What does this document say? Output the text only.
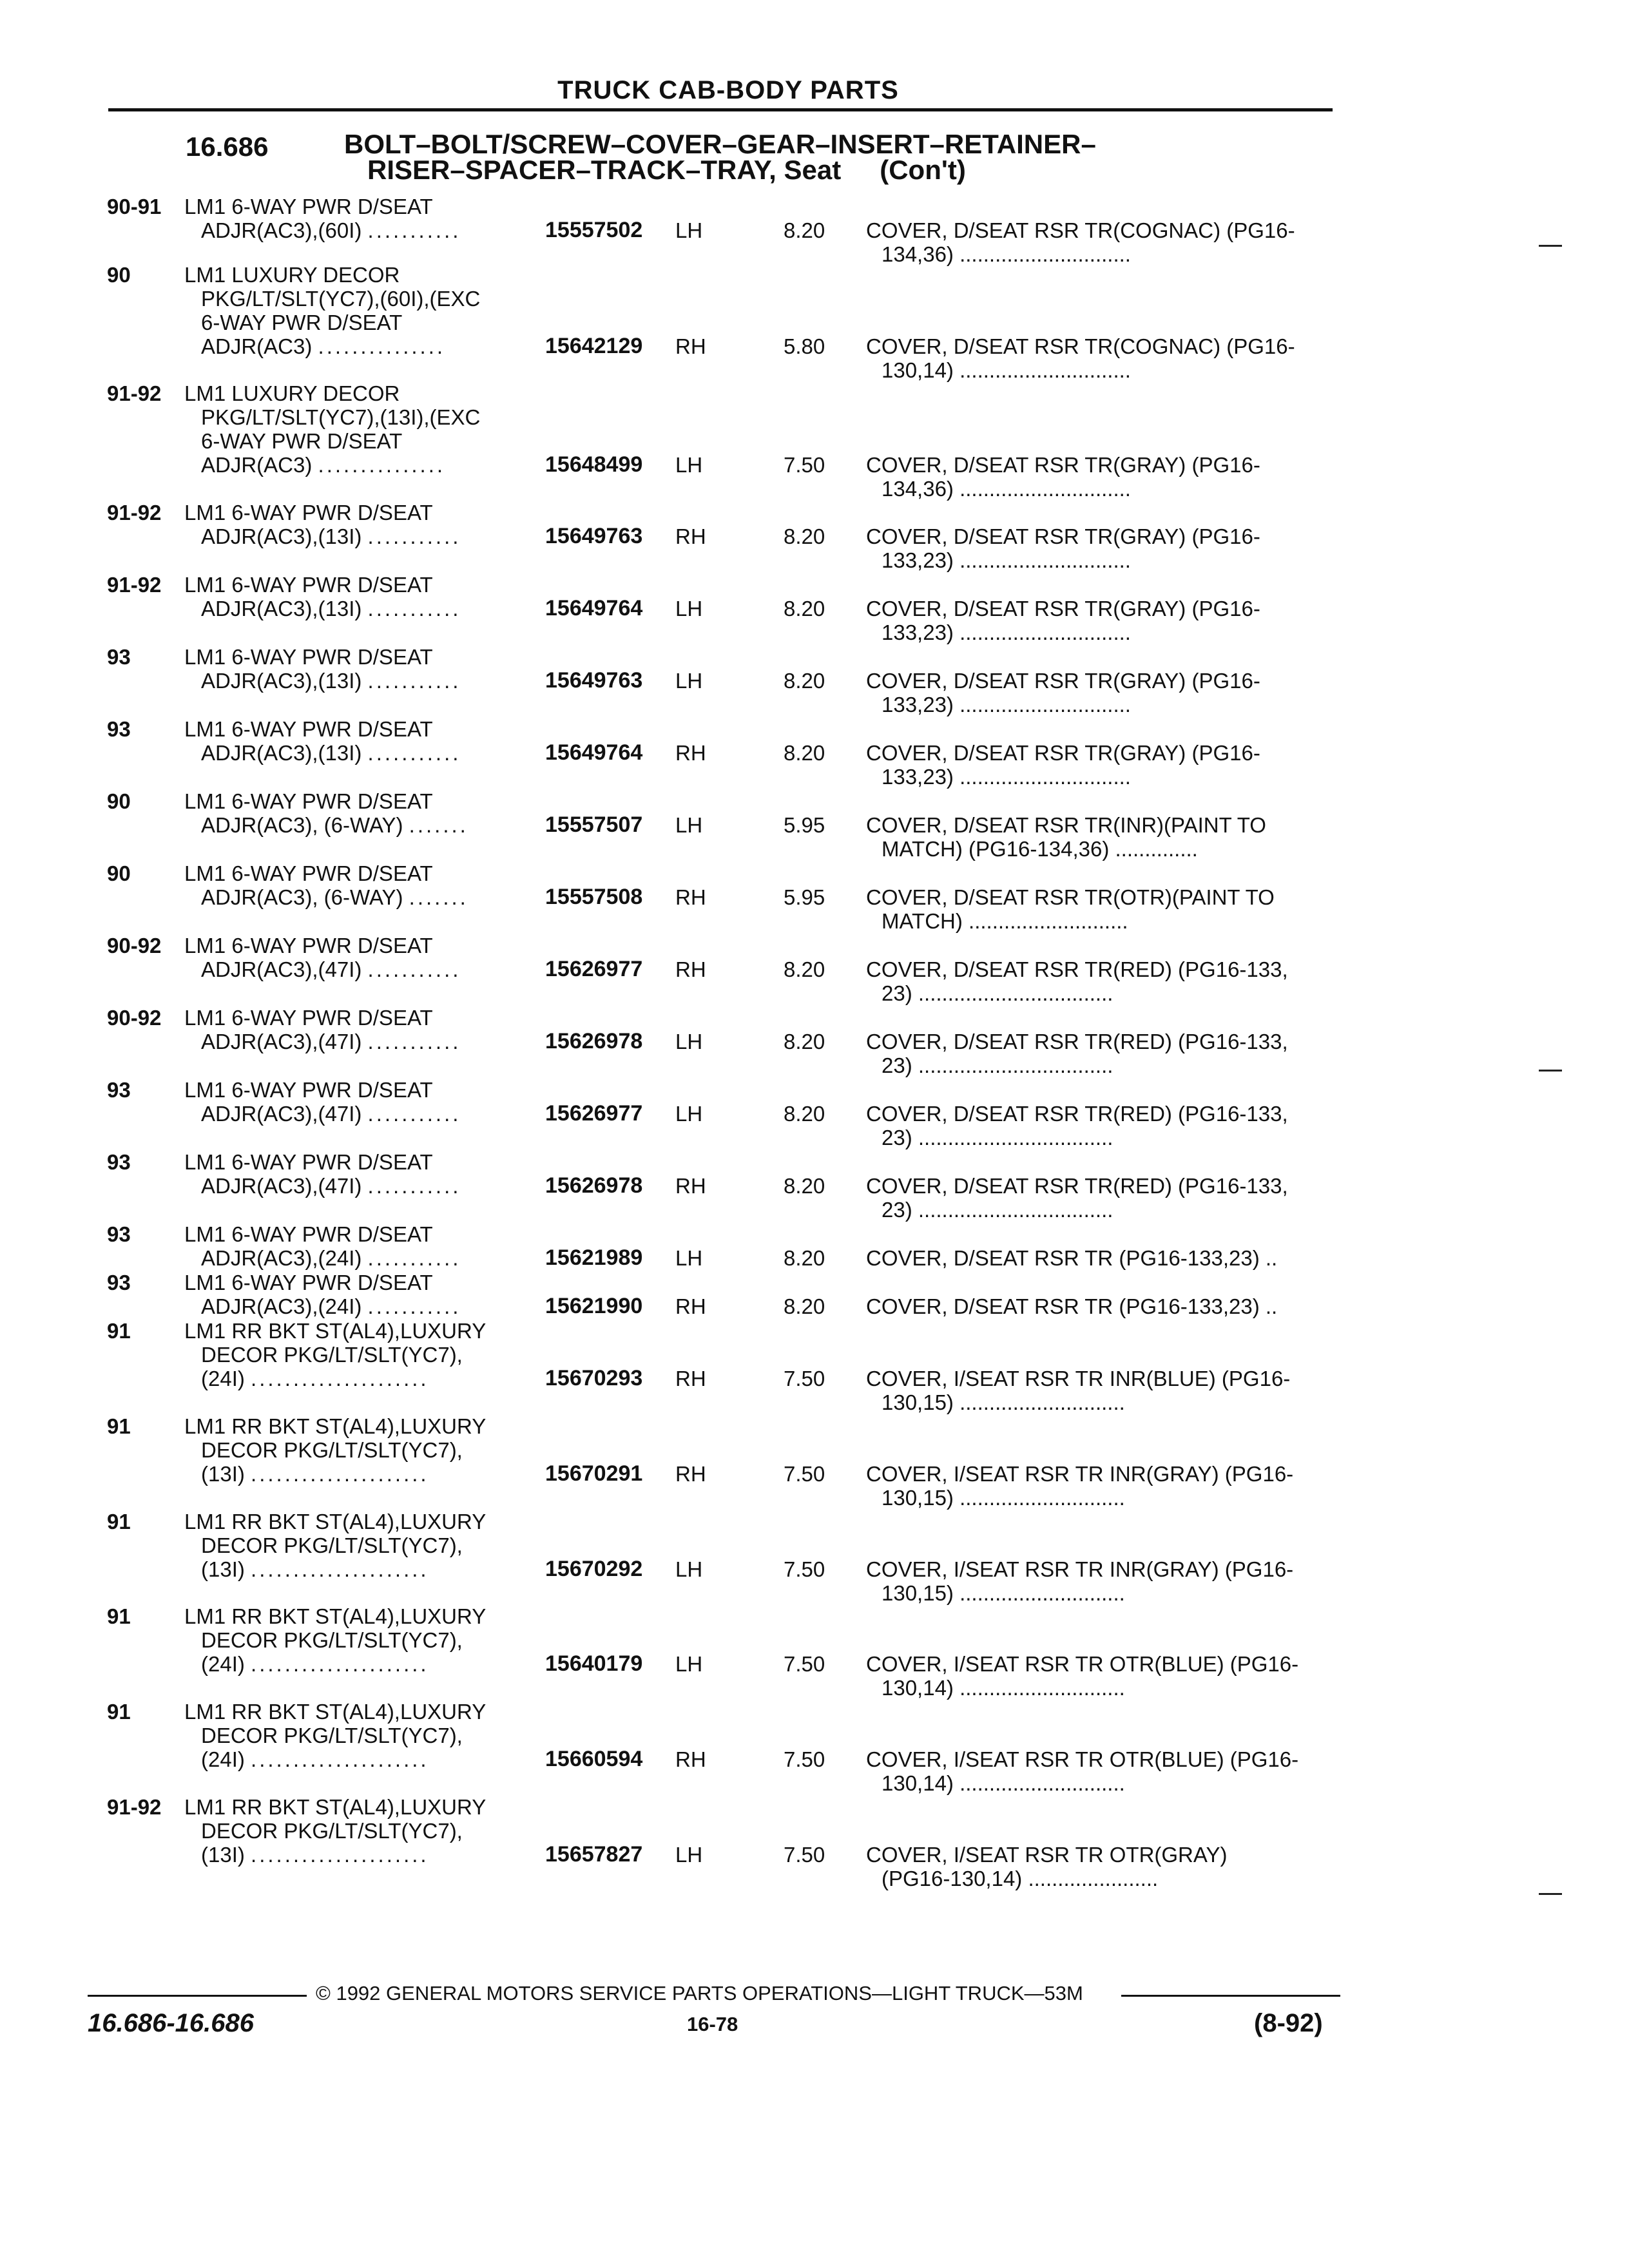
TRUCK CAB-BODY PARTS
16.686	BOLT–BOLT/SCREW–COVER–GEAR–INSERT–RETAINER–
RISER–SPACER–TRACK–TRAY, Seat (Con't)
90-91 LM1 6-WAY PWR D/SEAT
ADJR(AC3),(60I) ...........	15557502 LH	8.20 COVER, D/SEAT RSR TR(COGNAC) (PG16-
134,36) .............................
90	LM1 LUXURY DECOR
PKG/LT/SLT(YC7),(60I),(EXC
6-WAY PWR D/SEAT
ADJR(AC3) ...............	15642129 RH	5.80 COVER, D/SEAT RSR TR(COGNAC) (PG16-
130,14) .............................
91-92 LM1 LUXURY DECOR
PKG/LT/SLT(YC7),(13I),(EXC
6-WAY PWR D/SEAT
ADJR(AC3) ...............	15648499 LH	7.50 COVER, D/SEAT RSR TR(GRAY) (PG16-
134,36) .............................
91-92 LM1 6-WAY PWR D/SEAT
ADJR(AC3),(13I) ...........	15649763 RH	8.20 COVER, D/SEAT RSR TR(GRAY) (PG16-
133,23) .............................
91-92 LM1 6-WAY PWR D/SEAT
ADJR(AC3),(13I) ...........	15649764 LH	8.20 COVER, D/SEAT RSR TR(GRAY) (PG16-
133,23) .............................
93	LM1 6-WAY PWR D/SEAT
ADJR(AC3),(13I) ...........	15649763 LH	8.20 COVER, D/SEAT RSR TR(GRAY) (PG16-
133,23) .............................
93	LM1 6-WAY PWR D/SEAT
ADJR(AC3),(13I) ...........	15649764 RH	8.20 COVER, D/SEAT RSR TR(GRAY) (PG16-
133,23) .............................
90	LM1 6-WAY PWR D/SEAT
ADJR(AC3), (6-WAY) .......	15557507 LH	5.95 COVER, D/SEAT RSR TR(INR)(PAINT TO
MATCH) (PG16-134,36) ..............
90	LM1 6-WAY PWR D/SEAT
ADJR(AC3), (6-WAY) .......	15557508 RH	5.95 COVER, D/SEAT RSR TR(OTR)(PAINT TO
MATCH) ...........................
90-92 LM1 6-WAY PWR D/SEAT
ADJR(AC3),(47I) ...........	15626977 RH	8.20 COVER, D/SEAT RSR TR(RED) (PG16-133,
23) .................................
90-92 LM1 6-WAY PWR D/SEAT
ADJR(AC3),(47I) ...........	15626978 LH	8.20 COVER, D/SEAT RSR TR(RED) (PG16-133,
23) .................................
93	LM1 6-WAY PWR D/SEAT
ADJR(AC3),(47I) ...........	15626977 LH	8.20 COVER, D/SEAT RSR TR(RED) (PG16-133,
23) .................................
93	LM1 6-WAY PWR D/SEAT
ADJR(AC3),(47I) ...........	15626978 RH	8.20 COVER, D/SEAT RSR TR(RED) (PG16-133,
23) .................................
93	LM1 6-WAY PWR D/SEAT
ADJR(AC3),(24I) ...........	15621989 LH	8.20 COVER, D/SEAT RSR TR (PG16-133,23) ..
93	LM1 6-WAY PWR D/SEAT
ADJR(AC3),(24I) ...........	15621990 RH	8.20 COVER, D/SEAT RSR TR (PG16-133,23) ..
91	LM1 RR BKT ST(AL4),LUXURY
DECOR PKG/LT/SLT(YC7),
(24I) .....................	15670293 RH	7.50 COVER, I/SEAT RSR TR INR(BLUE) (PG16-
130,15) ............................
91	LM1 RR BKT ST(AL4),LUXURY
DECOR PKG/LT/SLT(YC7),
(13I) .....................	15670291 RH	7.50 COVER, I/SEAT RSR TR INR(GRAY) (PG16-
130,15) ............................
91	LM1 RR BKT ST(AL4),LUXURY
DECOR PKG/LT/SLT(YC7),
(13I) .....................	15670292 LH	7.50 COVER, I/SEAT RSR TR INR(GRAY) (PG16-
130,15) ............................
91	LM1 RR BKT ST(AL4),LUXURY
DECOR PKG/LT/SLT(YC7),
(24I) .....................	15640179 LH	7.50 COVER, I/SEAT RSR TR OTR(BLUE) (PG16-
130,14) ............................
91	LM1 RR BKT ST(AL4),LUXURY
DECOR PKG/LT/SLT(YC7),
(24I) .....................	15660594 RH	7.50 COVER, I/SEAT RSR TR OTR(BLUE) (PG16-
130,14) ............................
91-92 LM1 RR BKT ST(AL4),LUXURY
DECOR PKG/LT/SLT(YC7),
(13I) .....................	15657827 LH	7.50 COVER, I/SEAT RSR TR OTR(GRAY)
(PG16-130,14) ......................
© 1992 GENERAL MOTORS SERVICE PARTS OPERATIONS—LIGHT TRUCK—53M
16.686-16.686	16-78	(8-92)
